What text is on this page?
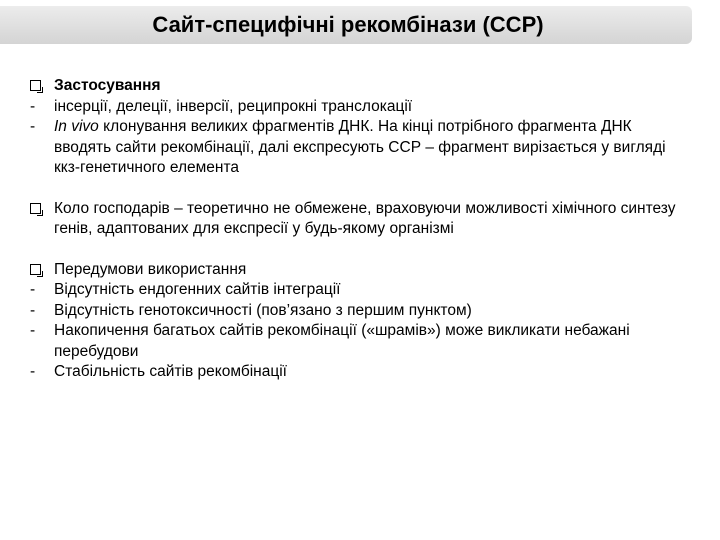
Сайт-специфічні рекомбінази (ССР)
Застосування
-	інсерції, делеції, інверсії, реципрокні транслокації
-	In vivo клонування великих фрагментів ДНК. На кінці потрібного фрагмента ДНК вводять сайти рекомбінації, далі експресують ССР – фрагмент вирізається у вигляді ккз-генетичного елемента
Коло господарів – теоретично не обмежене, враховуючи можливості хімічного синтезу генів, адаптованих для експресії у будь-якому організмі
Передумови використання
-	Відсутність ендогенних сайтів інтеграції
-	Відсутність генотоксичності (пов’язано з першим пунктом)
-	Накопичення багатьох сайтів рекомбінації («шрамів») може викликати небажані перебудови
-	Стабільність сайтів рекомбінації
